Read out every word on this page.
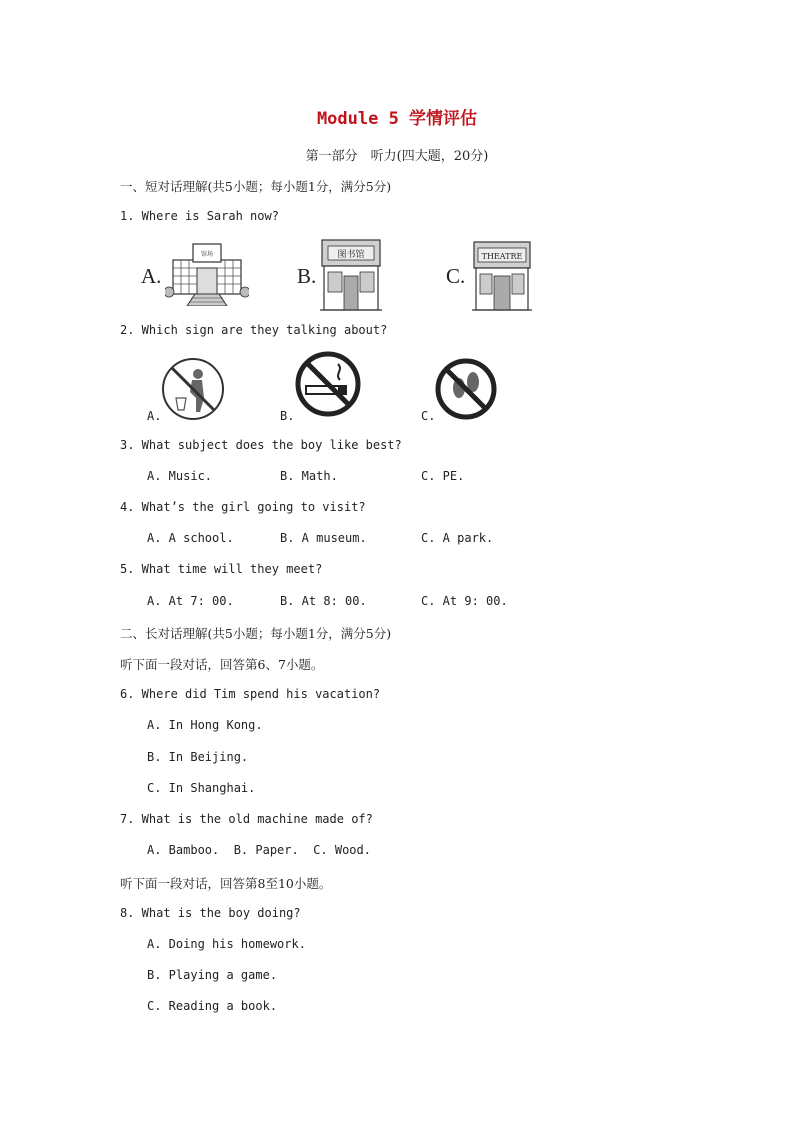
Module 5 学情评估
第一部分　听力(四大题，20分)
一、短对话理解(共5小题；每小题1分，满分5分)
1. Where is Sarah now?
A.
馆场
B.
图书馆
C.
THEATRE
2. Which sign are they talking about?
A.	B.	C.
3. What subject does the boy like best?
A. Music.	B. Math.	C. PE.
4. What’s the girl going to visit?
A. A school.	B. A museum.	C. A park.
5. What time will they meet?
A. At 7: 00.	B. At 8: 00.	C. At 9: 00.
二、长对话理解(共5小题；每小题1分，满分5分)
听下面一段对话，回答第6、7小题。
6. Where did Tim spend his vacation?
A. In Hong Kong.
B. In Beijing.
C. In Shanghai.
7. What is the old machine made of?
A. Bamboo.  B. Paper.  C. Wood.
听下面一段对话，回答第8至10小题。
8. What is the boy doing?
A. Doing his homework.
B. Playing a game.
C. Reading a book.
